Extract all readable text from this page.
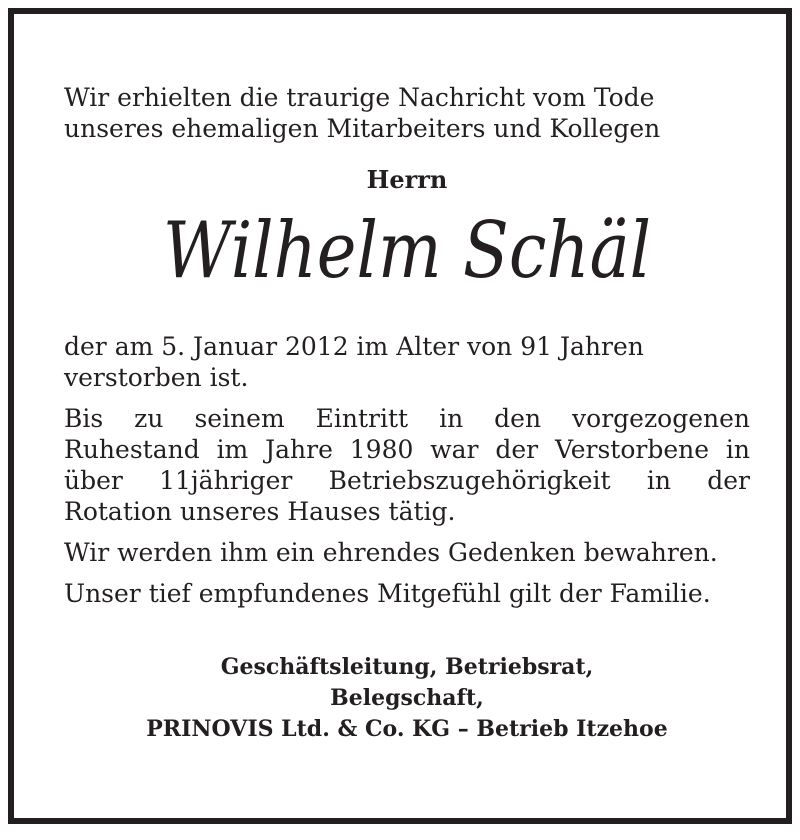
Wir erhielten die traurige Nachricht vom Tode unseres ehemaligen Mitarbeiters und Kollegen

Herrn
Wilhelm Schäl

der am 5. Januar 2012 im Alter von 91 Jahren verstorben ist.

Bis zu seinem Eintritt in den vorgezogenen Ruhestand im Jahre 1980 war der Verstorbene in über 11jähriger Betriebszugehörigkeit in der Rotation unseres Hauses tätig.

Wir werden ihm ein ehrendes Gedenken bewahren.

Unser tief empfundenes Mitgefühl gilt der Familie.

Geschäftsleitung, Betriebsrat,
Belegschaft,
PRINOVIS Ltd. & Co. KG – Betrieb Itzehoe
